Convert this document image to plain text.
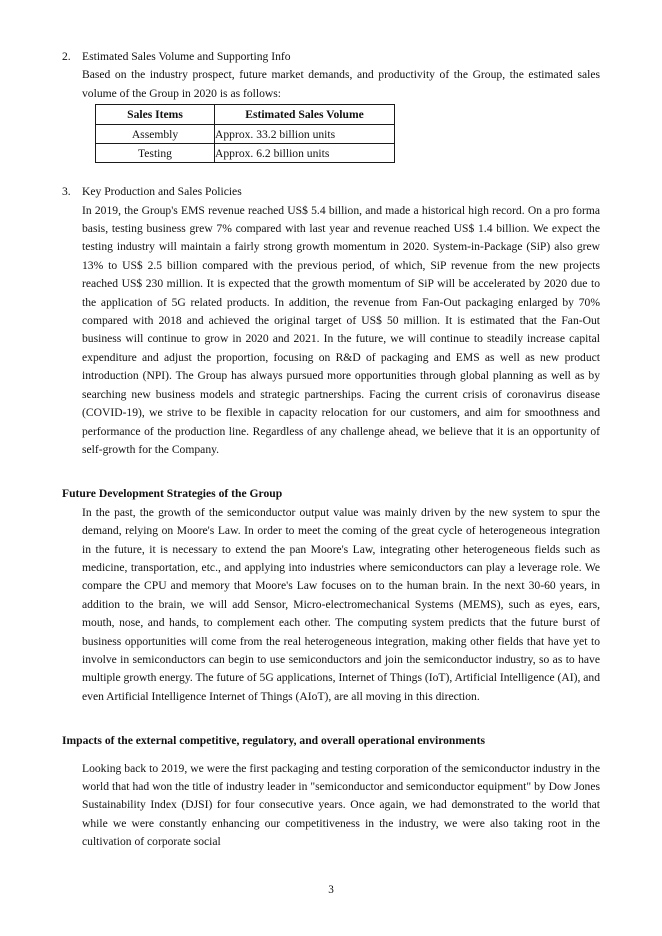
2. Estimated Sales Volume and Supporting Info

Based on the industry prospect, future market demands, and productivity of the Group, the estimated sales volume of the Group in 2020 is as follows:

Sales Items	Estimated Sales Volume
Assembly	Approx. 33.2 billion units
Testing	Approx. 6.2 billion units
3. Key Production and Sales Policies

In 2019, the Group's EMS revenue reached US$ 5.4 billion, and made a historical high record. On a pro forma basis, testing business grew 7% compared with last year and revenue reached US$ 1.4 billion. We expect the testing industry will maintain a fairly strong growth momentum in 2020. System-in-Package (SiP) also grew 13% to US$ 2.5 billion compared with the previous period, of which, SiP revenue from the new projects reached US$ 230 million. It is expected that the growth momentum of SiP will be accelerated by 2020 due to the application of 5G related products. In addition, the revenue from Fan-Out packaging enlarged by 70% compared with 2018 and achieved the original target of US$ 50 million. It is estimated that the Fan-Out business will continue to grow in 2020 and 2021. In the future, we will continue to steadily increase capital expenditure and adjust the proportion, focusing on R&D of packaging and EMS as well as new product introduction (NPI). The Group has always pursued more opportunities through global planning as well as by searching new business models and strategic partnerships. Facing the current crisis of coronavirus disease (COVID-19), we strive to be flexible in capacity relocation for our customers, and aim for smoothness and performance of the production line. Regardless of any challenge ahead, we believe that it is an opportunity of self-growth for the Company.

Future Development Strategies of the Group

In the past, the growth of the semiconductor output value was mainly driven by the new system to spur the demand, relying on Moore's Law. In order to meet the coming of the great cycle of heterogeneous integration in the future, it is necessary to extend the pan Moore's Law, integrating other heterogeneous fields such as medicine, transportation, etc., and applying into industries where semiconductors can play a leverage role. We compare the CPU and memory that Moore's Law focuses on to the human brain. In the next 30-60 years, in addition to the brain, we will add Sensor, Micro-electromechanical Systems (MEMS), such as eyes, ears, mouth, nose, and hands, to complement each other. The computing system predicts that the future burst of business opportunities will come from the real heterogeneous integration, making other fields that have yet to involve in semiconductors can begin to use semiconductors and join the semiconductor industry, so as to have multiple growth energy. The future of 5G applications, Internet of Things (IoT), Artificial Intelligence (AI), and even Artificial Intelligence Internet of Things (AIoT), are all moving in this direction.

Impacts of the external competitive, regulatory, and overall operational environments

Looking back to 2019, we were the first packaging and testing corporation of the semiconductor industry in the world that had won the title of industry leader in "semiconductor and semiconductor equipment" by Dow Jones Sustainability Index (DJSI) for four consecutive years. Once again, we had demonstrated to the world that while we were constantly enhancing our competitiveness in the industry, we were also taking root in the cultivation of corporate social

3
